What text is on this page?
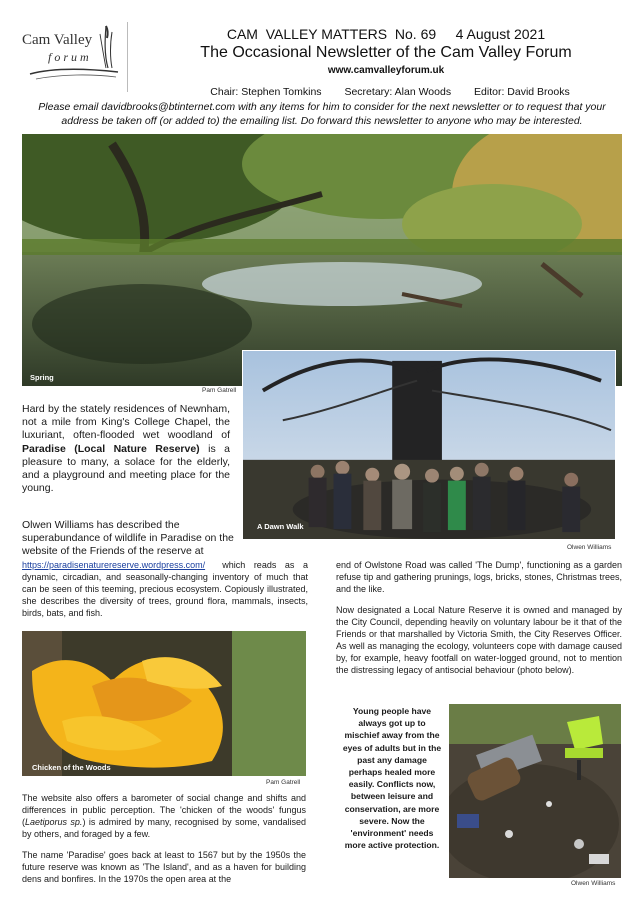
Cam Valley
forum
CAM  VALLEY MATTERS  No. 69     4 August 2021
The Occasional Newsletter of the Cam Valley Forum
www.camvalleyforum.uk
Chair: Stephen Tomkins Secretary: Alan Woods Editor: David Brooks
Please email davidbrooks@btinternet.com with any items for him to consider for the next newsletter or to request that your address be taken off (or added to) the emailing list. Do forward this newsletter to anyone who may be interested.
Spring
Pam Gatrell
A Dawn Walk
Olwen Williams
Hard by the stately residences of Newnham, not a mile from King's College Chapel, the luxuriant, often-flooded wet woodland of Paradise (Local Nature Reserve) is a pleasure to many, a solace for the elderly, and a playground and meeting place for the young.
Olwen Williams has described the superabundance of wildlife in Paradise on the website of the Friends of the reserve at
https://paradisenaturereserve.wordpress.com/ which reads as a dynamic, circadian, and seasonally-changing inventory of much that can be seen of this teeming, precious ecosystem. Copiously illustrated, she describes the diversity of trees, ground flora, mammals, insects, birds, bats, and fish.
Chicken of the Woods
Pam Gatrell
The website also offers a barometer of social change and shifts and differences in public perception. The 'chicken of the woods' fungus (Laetiporus sp.) is admired by many, recognised by some, vandalised by others, and foraged by a few.
The name 'Paradise' goes back at least to 1567 but by the 1950s the future reserve was known as 'The Island', and as a haven for building dens and bonfires. In the 1970s the open area at the
end of Owlstone Road was called 'The Dump', functioning as a garden refuse tip and gathering prunings, logs, bricks, stones, Christmas trees, and the like.
Now designated a Local Nature Reserve it is owned and managed by the City Council, depending heavily on voluntary labour be it that of the Friends or that marshalled by Victoria Smith, the City Reserves Officer. As well as managing the ecology, volunteers cope with damage caused by, for example, heavy footfall on water-logged ground, not to mention the distressing legacy of antisocial behaviour (photo below).
Young people have always got up to mischief away from the eyes of adults but in the past any damage perhaps healed more easily. Conflicts now, between leisure and conservation, are more severe. Now the 'environment' needs more active protection.
Olwen Williams
